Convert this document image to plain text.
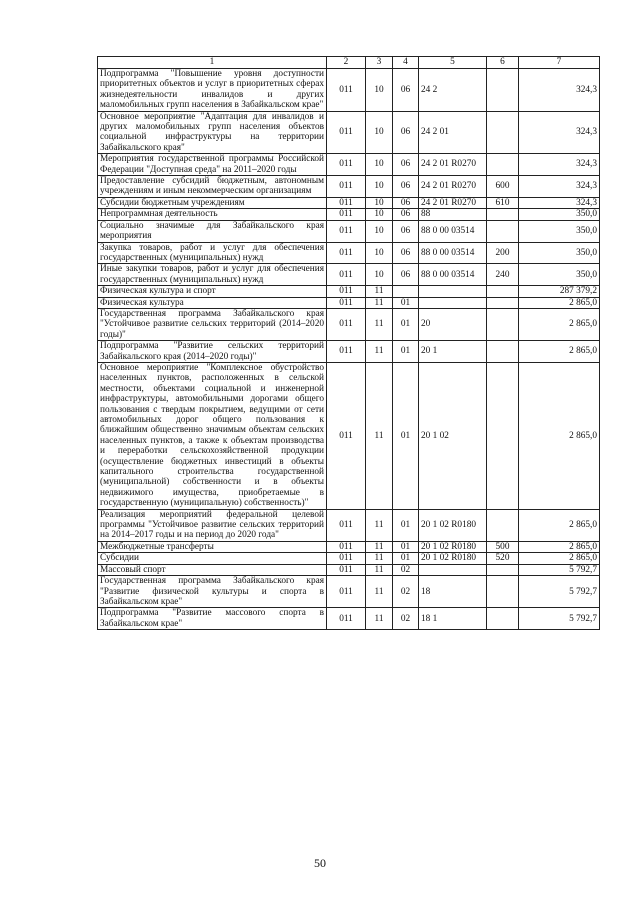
1	2	3	4	5	6	7
Подпрограмма "Повышение уровня доступности приоритетных объектов и услуг в приоритетных сферах жизнедеятельности инвалидов и других маломобильных групп населения в Забайкальском крае"	011	10	06	24 2		324,3
Основное мероприятие "Адаптация для инвалидов и других маломобильных групп населения объектов социальной инфраструктуры на территории Забайкальского края"	011	10	06	24 2 01		324,3
Мероприятия государственной программы Российской Федерации "Доступная среда" на 2011–2020 годы	011	10	06	24 2 01 R0270		324,3
Предоставление субсидий бюджетным, автономным учреждениям и иным некоммерческим организациям	011	10	06	24 2 01 R0270	600	324,3
Субсидии бюджетным учреждениям	011	10	06	24 2 01 R0270	610	324,3
Непрограммная деятельность	011	10	06	88		350,0
Социально значимые для Забайкальского края мероприятия	011	10	06	88 0 00 03514		350,0
Закупка товаров, работ и услуг для обеспечения государственных (муниципальных) нужд	011	10	06	88 0 00 03514	200	350,0
Иные закупки товаров, работ и услуг для обеспечения государственных (муниципальных) нужд	011	10	06	88 0 00 03514	240	350,0
Физическая культура и спорт	011	11				287 379,2
Физическая культура	011	11	01			2 865,0
Государственная программа Забайкальского края "Устойчивое развитие сельских территорий (2014–2020 годы)"	011	11	01	20		2 865,0
Подпрограмма "Развитие сельских территорий Забайкальского края (2014–2020 годы)"	011	11	01	20 1		2 865,0
Основное мероприятие "Комплексное обустройство населенных пунктов, расположенных в сельской местности, объектами социальной и инженерной инфраструктуры, автомобильными дорогами общего пользования с твердым покрытием, ведущими от сети автомобильных дорог общего пользования к ближайшим общественно значимым объектам сельских населенных пунктов, а также к объектам производства и переработки сельскохозяйственной продукции (осуществление бюджетных инвестиций в объекты капитального строительства государственной (муниципальной) собственности и в объекты недвижимого имущества, приобретаемые в государственную (муниципальную) собственность)"	011	11	01	20 1 02		2 865,0
Реализация мероприятий федеральной целевой программы "Устойчивое развитие сельских территорий на 2014–2017 годы и на период до 2020 года"	011	11	01	20 1 02 R0180		2 865,0
Межбюджетные трансферты	011	11	01	20 1 02 R0180	500	2 865,0
Субсидии	011	11	01	20 1 02 R0180	520	2 865,0
Массовый спорт	011	11	02			5 792,7
Государственная программа Забайкальского края "Развитие физической культуры и спорта в Забайкальском крае"	011	11	02	18		5 792,7
Подпрограмма "Развитие массового спорта в Забайкальском крае"	011	11	02	18 1		5 792,7
50
